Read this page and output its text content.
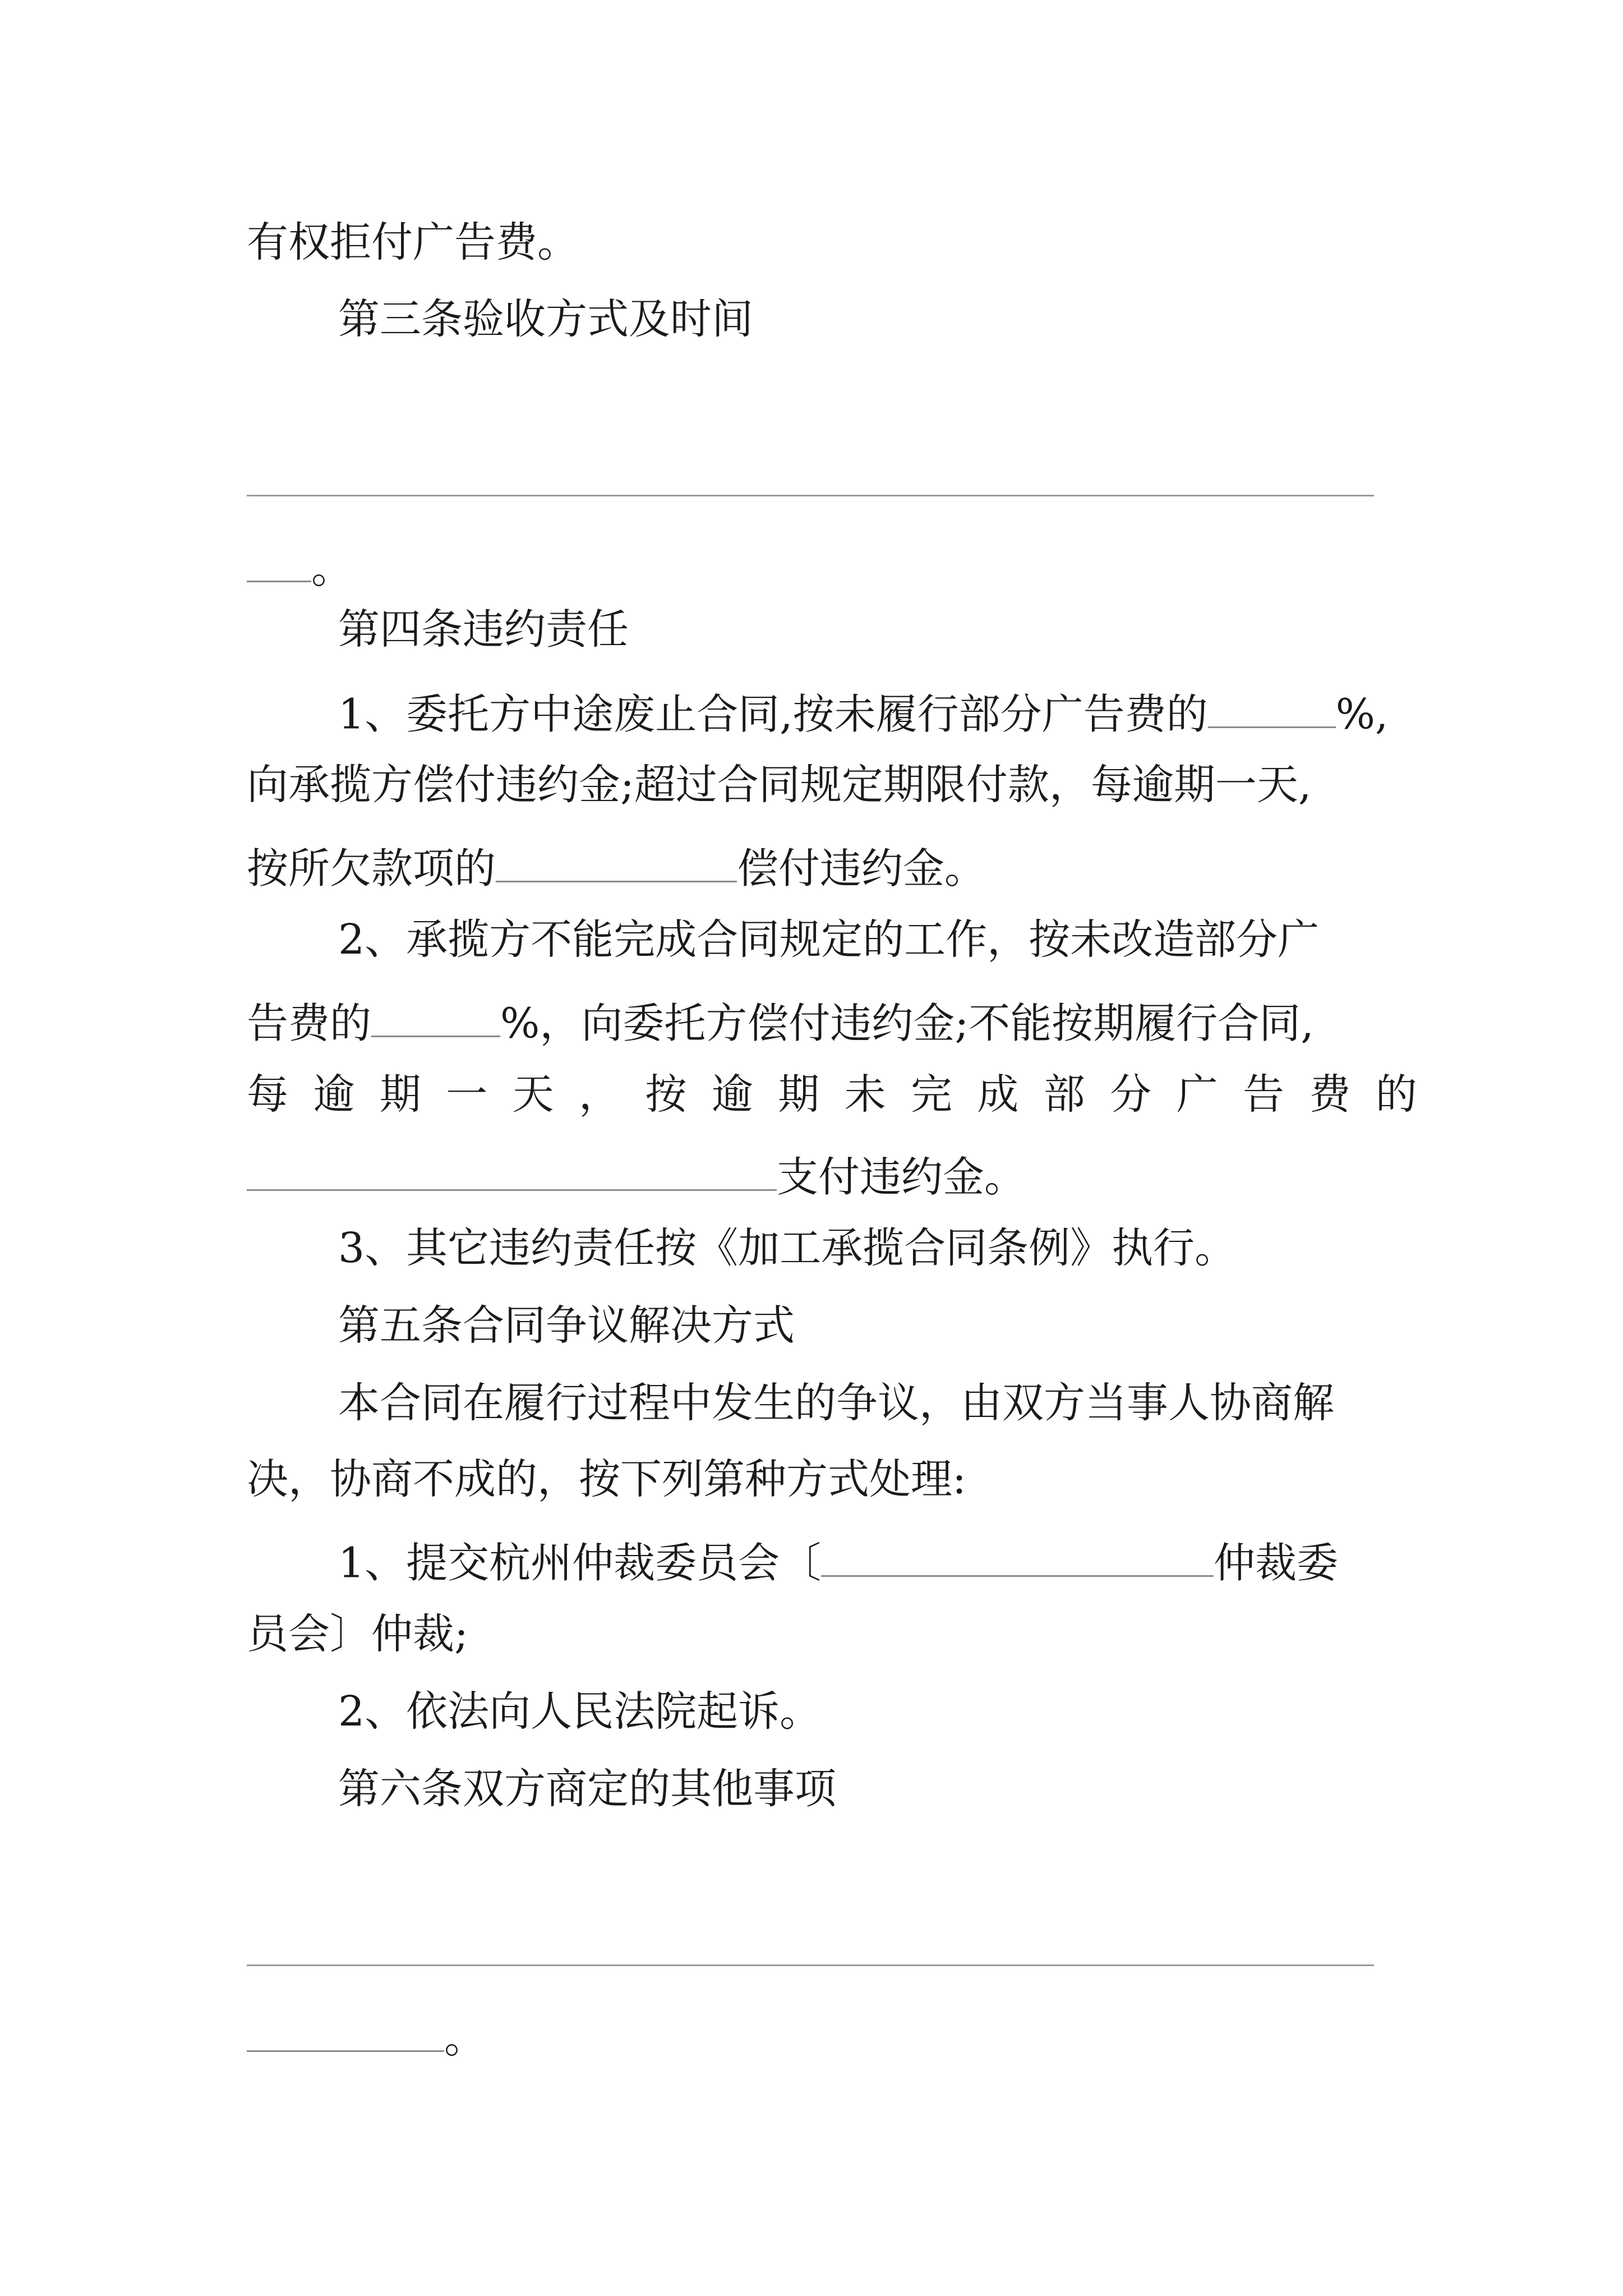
有权拒付广告费。
第三条验收方式及时间
。
第四条违约责任
1、委托方中途废止合同,按未履行部分广告费的	%,
向承揽方偿付违约金;超过合同规定期限付款，每逾期一天,
按所欠款项的	偿付违约金。
2、承揽方不能完成合同规定的工作，按未改造部分广
告费的	%，向委托方偿付违约金;不能按期履行合同,
每逾期一天，按逾期未完成部分广告费的
支付违约金。
3、其它违约责任按《加工承揽合同条例》执行。
第五条合同争议解决方式
本合同在履行过程中发生的争议，由双方当事人协商解
决，协商不成的，按下列第种方式处理:
1、提交杭州仲裁委员会〔	仲裁委
员会〕仲裁;
2、依法向人民法院起诉。
第六条双方商定的其他事项
。
